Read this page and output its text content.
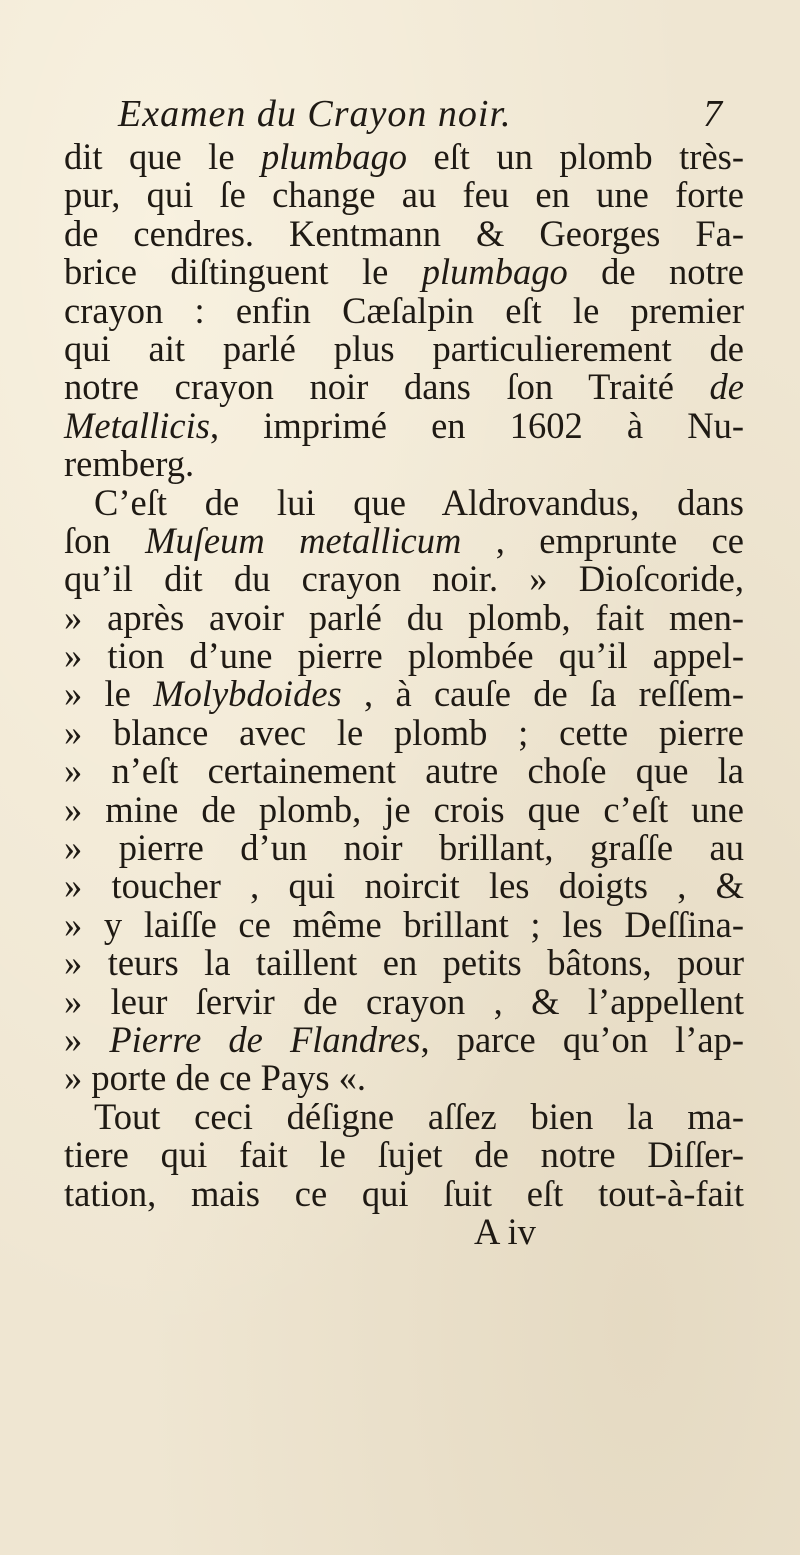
Examen du Crayon noir.	7
dit que le plumbago eſt un plomb très-
pur, qui ſe change au feu en une forte
de cendres. Kentmann & Georges Fa-
brice diſtinguent le plumbago de notre
crayon : enfin Cæſalpin eſt le premier
qui ait parlé plus particulierement de
notre crayon noir dans ſon Traité de
Metallicis, imprimé en 1602 à Nu-
remberg.
C’eſt de lui que Aldrovandus, dans
ſon Muſeum metallicum , emprunte ce
qu’il dit du crayon noir. » Dioſcoride,
» après avoir parlé du plomb, fait men-
» tion d’une pierre plombée qu’il appel-
» le Molybdoides , à cauſe de ſa reſſem-
» blance avec le plomb ; cette pierre
» n’eſt certainement autre choſe que la
» mine de plomb, je crois que c’eſt une
» pierre d’un noir brillant, graſſe au
» toucher , qui noircit les doigts , &
» y laiſſe ce même brillant ; les Deſſina-
» teurs la taillent en petits bâtons, pour
» leur ſervir de crayon , & l’appellent
» Pierre de Flandres, parce qu’on l’ap-
» porte de ce Pays «.
Tout ceci déſigne aſſez bien la ma-
tiere qui fait le ſujet de notre Diſſer-
tation, mais ce qui ſuit eſt tout-à-fait
A iv
